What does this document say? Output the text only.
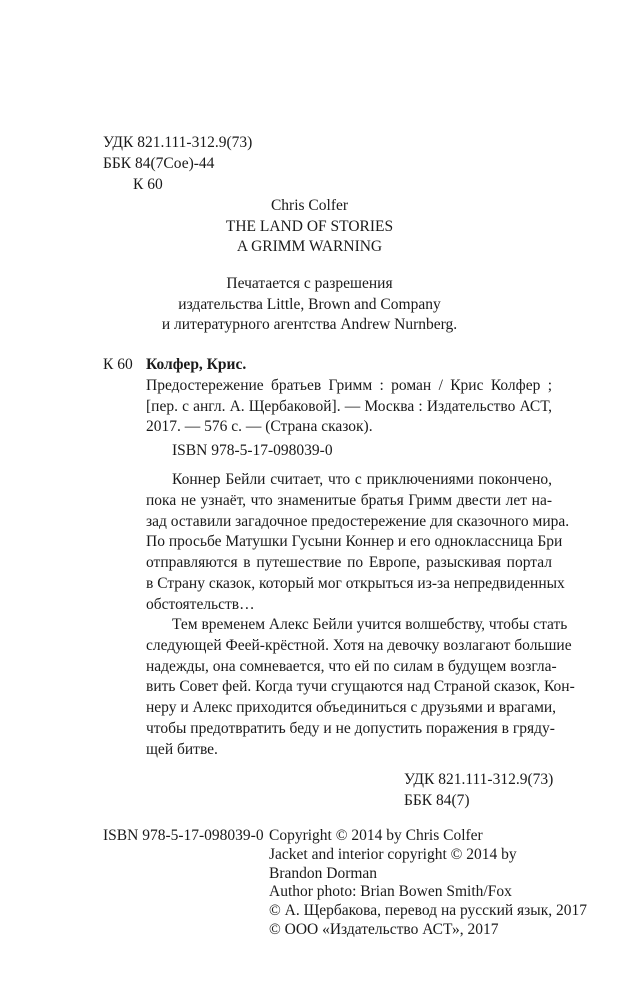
УДК 821.111-312.9(73)
ББК 84(7Сое)-44
К 60
Chris Colfer
THE LAND OF STORIES
A GRIMM WARNING
Печатается с разрешения
издательства Little, Brown and Company
и литературного агентства Andrew Nurnberg.
К 60 Колфер, Крис.
Предостережение братьев Гримм : роман / Крис Колфер ;
[пер. с англ. А. Щербаковой]. — Москва : Издательство АСТ,
2017. — 576 с. — (Страна сказок).
ISBN 978-5-17-098039-0
Коннер Бейли считает, что с приключениями покончено,
пока не узнаёт, что знаменитые братья Гримм двести лет на-
зад оставили загадочное предостережение для сказочного мира.
По просьбе Матушки Гусыни Коннер и его одноклассница Бри
отправляются в путешествие по Европе, разыскивая портал
в Страну сказок, который мог открыться из-за непредвиденных
обстоятельств…
Тем временем Алекс Бейли учится волшебству, чтобы стать
следующей Феей-крёстной. Хотя на девочку возлагают большие
надежды, она сомневается, что ей по силам в будущем возгла-
вить Совет фей. Когда тучи сгущаются над Страной сказок, Кон-
неру и Алекс приходится объединиться с друзьями и врагами,
чтобы предотвратить беду и не допустить поражения в гряду-
щей битве.
УДК 821.111-312.9(73)
ББК 84(7)
ISBN 978-5-17-098039-0 Copyright © 2014 by Chris Colfer
Jacket and interior copyright © 2014 by
Brandon Dorman
Author photo: Brian Bowen Smith/Fox
© А. Щербакова, перевод на русский язык, 2017
© ООО «Издательство АСТ», 2017
